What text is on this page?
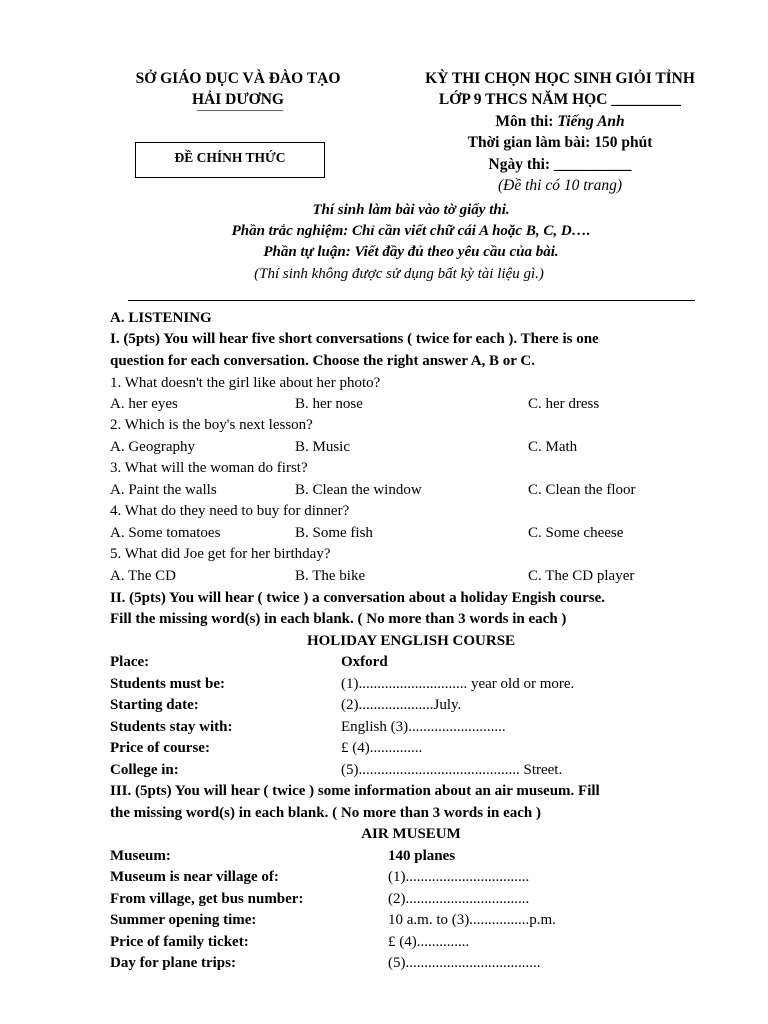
SỞ GIÁO DỤC VÀ ĐÀO TẠO
HẢI DƯƠNG
ĐỀ CHÍNH THỨC
KỲ THI CHỌN HỌC SINH GIỎI TỈNH
LỚP 9 THCS NĂM HỌC _________
Môn thi: Tiếng Anh
Thời gian làm bài: 150 phút
Ngày thi: __________
(Đề thi có 10 trang)
Thí sinh làm bài vào tờ giấy thi.
Phần trắc nghiệm: Chỉ cần viết chữ cái A hoặc B, C, D….
Phần tự luận: Viết đầy đủ theo yêu cầu của bài.
(Thí sinh không được sử dụng bất kỳ tài liệu gì.)
A. LISTENING
I. (5pts) You will hear five short conversations ( twice for each ). There is one
question for each conversation. Choose the right answer A, B or C.
1. What doesn't the girl like about her photo?
A. her eyes	B. her nose	C. her dress
2. Which is the boy's next lesson?
A. Geography	B. Music	C. Math
3. What will the woman do first?
A. Paint the walls	B. Clean the window	C. Clean the floor
4. What do they need to buy for dinner?
A. Some tomatoes	B. Some fish	C. Some cheese
5. What did Joe get for her birthday?
A. The CD	B. The bike	C. The CD player
II. (5pts) You will hear ( twice ) a conversation about a holiday Engish course.
Fill the missing word(s) in each blank. ( No more than 3 words in each )
HOLIDAY ENGLISH COURSE
Place:	Oxford
Students must be:	(1)............................. year old or more.
Starting date:	(2)....................July.
Students stay with:	English (3)..........................
Price of course:	£ (4)..............
College in:	(5)........................................... Street.
III. (5pts) You will hear ( twice ) some information about an air museum. Fill
the missing word(s) in each blank. ( No more than 3 words in each )
AIR MUSEUM
Museum:	140 planes
Museum is near village of:	(1).................................
From village, get bus number:	(2).................................
Summer opening time:	10 a.m. to (3)................p.m.
Price of family ticket:	£ (4)..............
Day for plane trips:	(5)....................................
